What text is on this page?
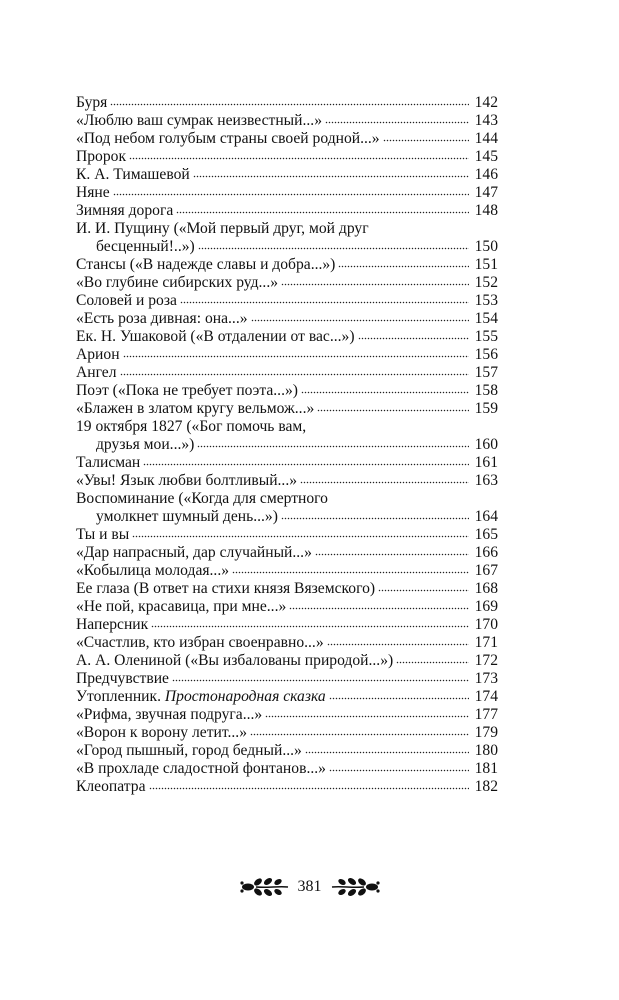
Буря	142
«Люблю ваш сумрак неизвестный...»	143
«Под небом голубым страны своей родной...»	144
Пророк	145
К. А. Тимашевой	146
Няне	147
Зимняя дорога	148
И. И. Пущину («Мой первый друг, мой друг
бесценный!..»)	150
Стансы («В надежде славы и добра...»)	151
«Во глубине сибирских руд...»	152
Соловей и роза	153
«Есть роза дивная: она...»	154
Ек. Н. Ушаковой («В отдалении от вас...»)	155
Арион	156
Ангел	157
Поэт («Пока не требует поэта...»)	158
«Блажен в златом кругу вельмож...»	159
19 октября 1827 («Бог помочь вам,
друзья мои...»)	160
Талисман	161
«Увы! Язык любви болтливый...»	163
Воспоминание («Когда для смертного
умолкнет шумный день...»)	164
Ты и вы	165
«Дар напрасный, дар случайный...»	166
«Кобылица молодая...»	167
Ее глаза (В ответ на стихи князя Вяземского)	168
«Не пой, красавица, при мне...»	169
Наперсник	170
«Счастлив, кто избран своенравно...»	171
А. А. Олениной («Вы избалованы природой...»)	172
Предчувствие	173
Утопленник. Простонародная сказка	174
«Рифма, звучная подруга...»	177
«Ворон к ворону летит...»	179
«Город пышный, город бедный...»	180
«В прохладе сладостной фонтанов...»	181
Клеопатра	182
381
